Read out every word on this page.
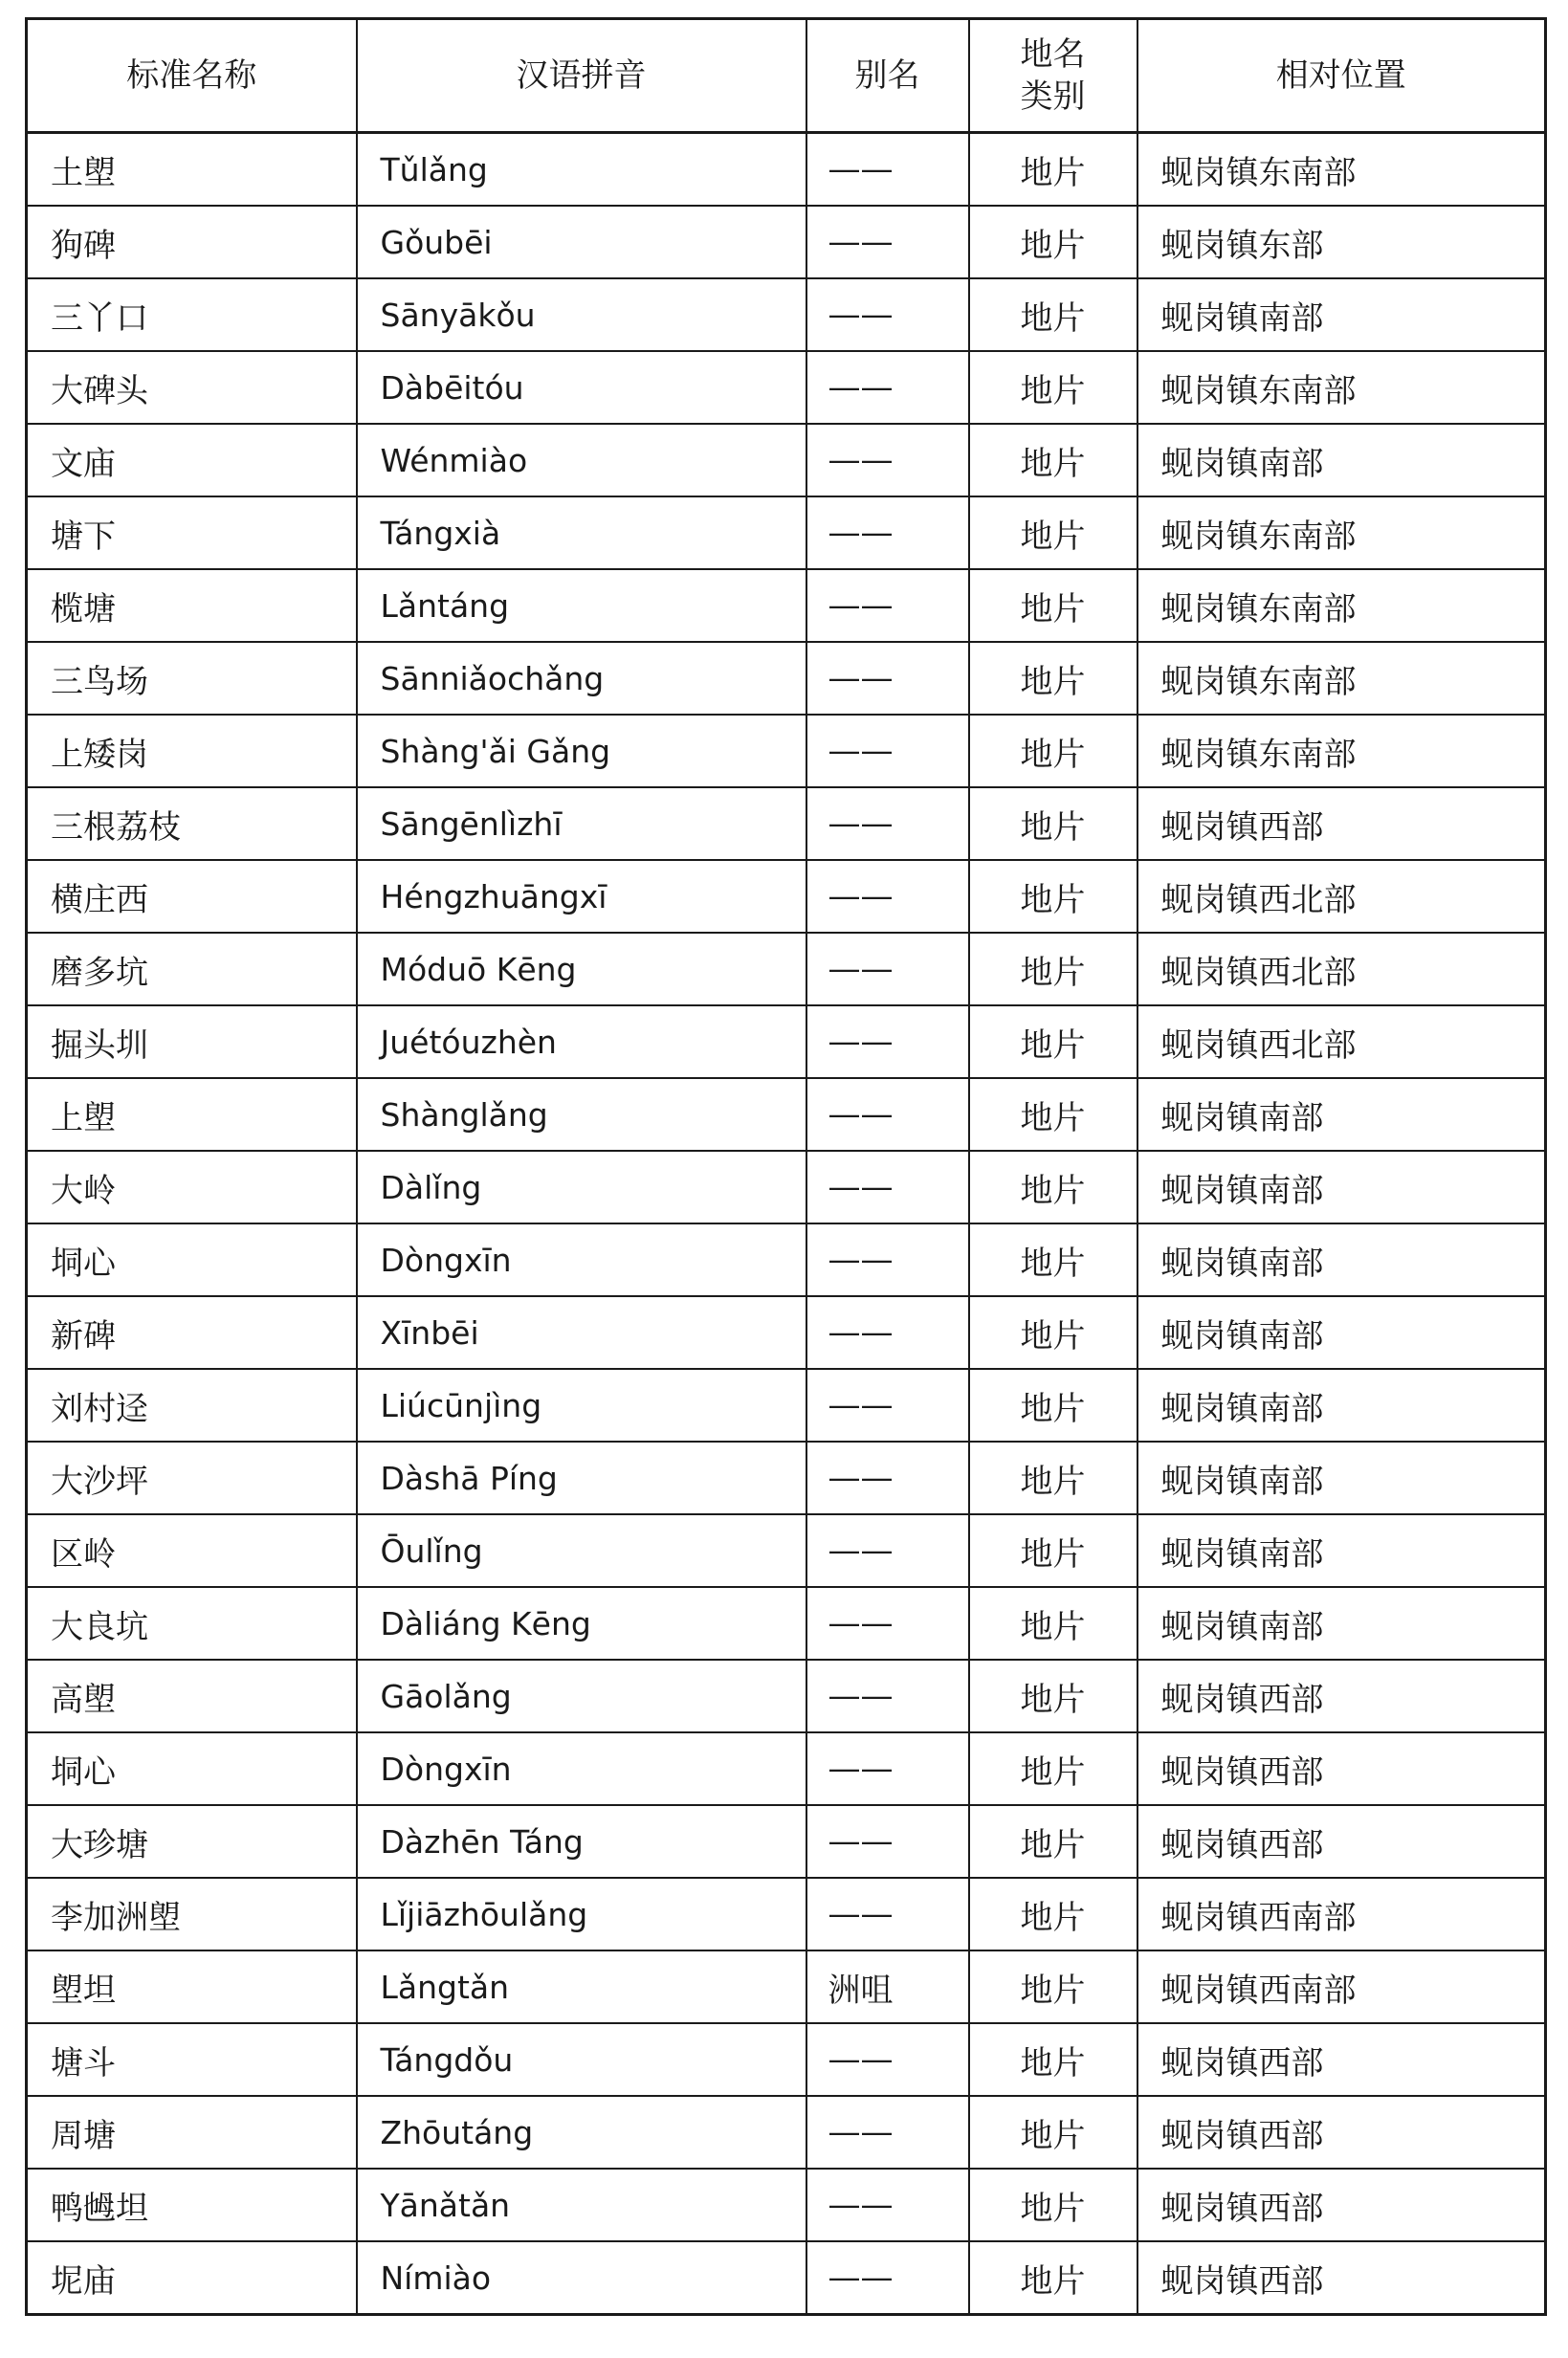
标准名称	汉语拼音	别名	地名类别	相对位置
土塱	Tǔlǎng	——	地片	蚬岗镇东南部
狗碑	Gǒubēi	——	地片	蚬岗镇东部
三丫口	Sānyākǒu	——	地片	蚬岗镇南部
大碑头	Dàbēitóu	——	地片	蚬岗镇东南部
文庙	Wénmiào	——	地片	蚬岗镇南部
塘下	Tángxià	——	地片	蚬岗镇东南部
榄塘	Lǎntáng	——	地片	蚬岗镇东南部
三鸟场	Sānniǎochǎng	——	地片	蚬岗镇东南部
上矮岗	Shàng'ǎi Gǎng	——	地片	蚬岗镇东南部
三根荔枝	Sāngēnlìzhī	——	地片	蚬岗镇西部
横庄西	Héngzhuāngxī	——	地片	蚬岗镇西北部
磨多坑	Móduō Kēng	——	地片	蚬岗镇西北部
掘头圳	Juétóuzhèn	——	地片	蚬岗镇西北部
上塱	Shànglǎng	——	地片	蚬岗镇南部
大岭	Dàlǐng	——	地片	蚬岗镇南部
垌心	Dòngxīn	——	地片	蚬岗镇南部
新碑	Xīnbēi	——	地片	蚬岗镇南部
刘村迳	Liúcūnjìng	——	地片	蚬岗镇南部
大沙坪	Dàshā Píng	——	地片	蚬岗镇南部
区岭	Ōulǐng	——	地片	蚬岗镇南部
大良坑	Dàliáng Kēng	——	地片	蚬岗镇南部
高塱	Gāolǎng	——	地片	蚬岗镇西部
垌心	Dòngxīn	——	地片	蚬岗镇西部
大珍塘	Dàzhēn Táng	——	地片	蚬岗镇西部
李加洲塱	Lǐjiāzhōulǎng	——	地片	蚬岗镇西南部
塱坦	Lǎngtǎn	洲咀	地片	蚬岗镇西南部
塘斗	Tángdǒu	——	地片	蚬岗镇西部
周塘	Zhōutáng	——	地片	蚬岗镇西部
鸭乸坦	Yānǎtǎn	——	地片	蚬岗镇西部
坭庙	Nímiào	——	地片	蚬岗镇西部
